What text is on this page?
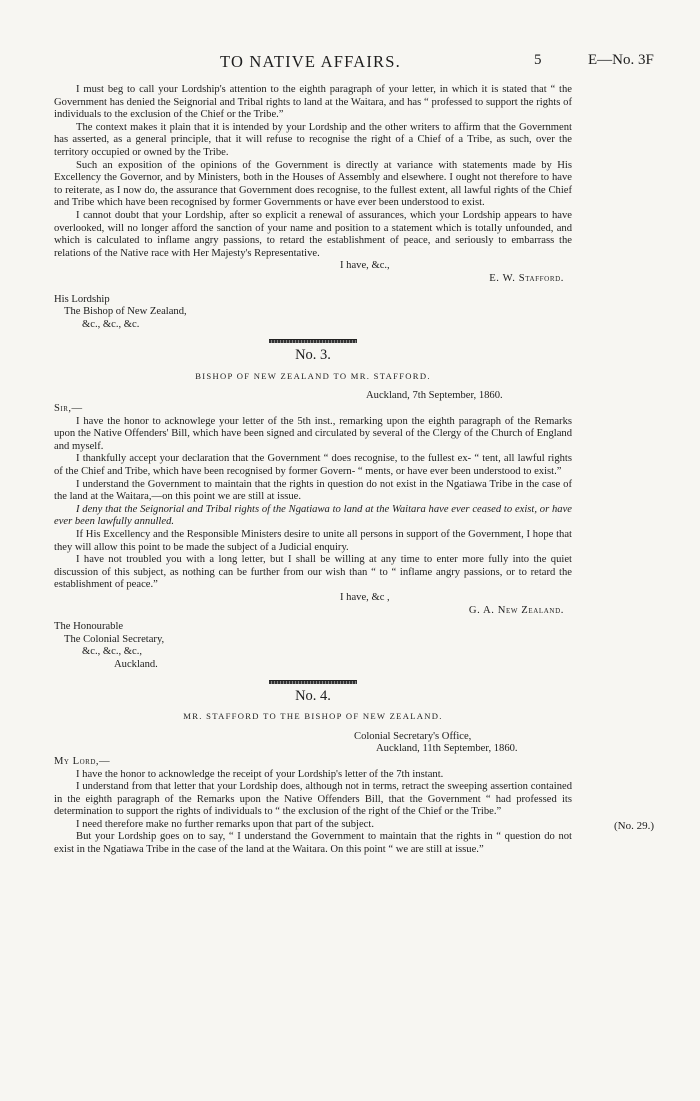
TO NATIVE AFFAIRS.	5	E—No. 3F

I must beg to call your Lordship's attention to the eighth paragraph of your letter, in which it is stated that “ the Government has denied the Seignorial and Tribal rights to land at the Waitara, and has “ professed to support the rights of individuals to the exclusion of the Chief or the Tribe.”

The context makes it plain that it is intended by your Lordship and the other writers to affirm that the Government has asserted, as a general principle, that it will refuse to recognise the right of a Chief of a Tribe, as such, over the territory occupied or owned by the Tribe.

Such an exposition of the opinions of the Government is directly at variance with statements made by His Excellency the Governor, and by Ministers, both in the Houses of Assembly and elsewhere. I ought not therefore to have to reiterate, as I now do, the assurance that Government does recognise, to the fullest extent, all lawful rights of the Chief and Tribe which have been recognised by former Governments or have ever been understood to exist.

I cannot doubt that your Lordship, after so explicit a renewal of assurances, which your Lordship appears to have overlooked, will no longer afford the sanction of your name and position to a statement which is totally unfounded, and which is calculated to inflame angry passions, to retard the establishment of peace, and seriously to embarrass the relations of the Native race with Her Majesty's Representative.

I have, &c.,

E. W. Stafford.

His Lordship

The Bishop of New Zealand,

&c., &c., &c.

No. 3.

BISHOP OF NEW ZEALAND TO MR. STAFFORD.

Auckland, 7th September, 1860.

Sir,—

I have the honor to acknowlege your letter of the 5th inst., remarking upon the eighth paragraph of the Remarks upon the Native Offenders' Bill, which have been signed and circulated by several of the Clergy of the Church of England and myself.

I thankfully accept your declaration that the Government “ does recognise, to the fullest ex- “ tent, all lawful rights of the Chief and Tribe, which have been recognised by former Govern- “ ments, or have ever been understood to exist.”

I understand the Government to maintain that the rights in question do not exist in the Ngatiawa Tribe in the case of the land at the Waitara,—on this point we are still at issue.

I deny that the Seignorial and Tribal rights of the Ngatiawa to land at the Waitara have ever ceased to exist, or have ever been lawfully annulled.

If His Excellency and the Responsible Ministers desire to unite all persons in support of the Government, I hope that they will allow this point to be made the subject of a Judicial enquiry.

I have not troubled you with a long letter, but I shall be willing at any time to enter more fully into the quiet discussion of this subject, as nothing can be further from our wish than “ to “ inflame angry passions, or to retard the establishment of peace.”

I have, &c ,

G. A. New Zealand.

The Honourable

The Colonial Secretary,

&c., &c., &c.,

Auckland.

No. 4.

MR. STAFFORD TO THE BISHOP OF NEW ZEALAND.

Colonial Secretary's Office,

Auckland, 11th September, 1860.

My Lord,—

I have the honor to acknowledge the receipt of your Lordship's letter of the 7th instant.

I understand from that letter that your Lordship does, although not in terms, retract the sweeping assertion contained in the eighth paragraph of the Remarks upon the Native Offenders Bill, that the Government “ had professed its determination to support the rights of individuals to “ the exclusion of the right of the Chief or the Tribe.”

I need therefore make no further remarks upon that part of the subject.

But your Lordship goes on to say, “ I understand the Government to maintain that the rights in “ question do not exist in the Ngatiawa Tribe in the case of the land at the Waitara. On this point “ we are still at issue.”

(No. 29.)
